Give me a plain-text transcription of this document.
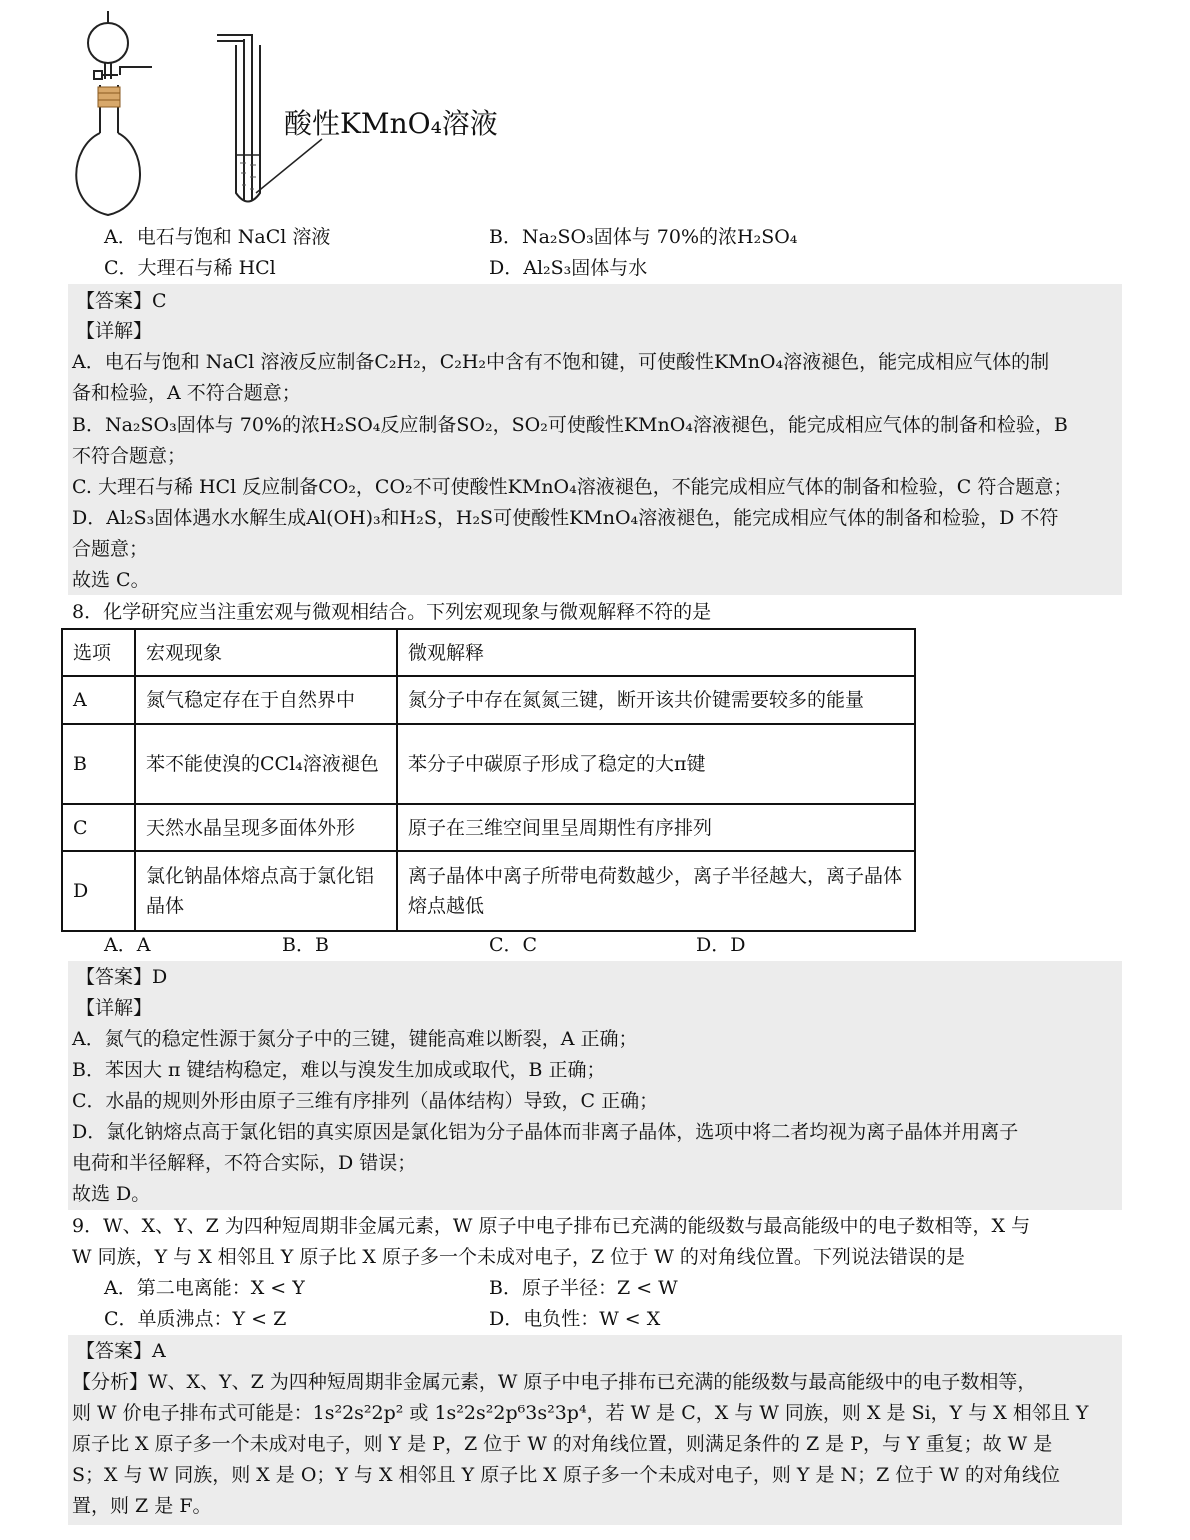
酸性KMnO₄溶液
A．电石与饱和 NaCl 溶液	B．Na₂SO₃固体与 70%的浓H₂SO₄
C．大理石与稀 HCl	D．Al₂S₃固体与水
【答案】C
【详解】
A．电石与饱和 NaCl 溶液反应制备C₂H₂，C₂H₂中含有不饱和键，可使酸性KMnO₄溶液褪色，能完成相应气体的制
备和检验，A 不符合题意；
B．Na₂SO₃固体与 70%的浓H₂SO₄反应制备SO₂，SO₂可使酸性KMnO₄溶液褪色，能完成相应气体的制备和检验，B
不符合题意；
C. 大理石与稀 HCl 反应制备CO₂，CO₂不可使酸性KMnO₄溶液褪色，不能完成相应气体的制备和检验，C 符合题意；
D．Al₂S₃固体遇水水解生成Al(OH)₃和H₂S，H₂S可使酸性KMnO₄溶液褪色，能完成相应气体的制备和检验，D 不符
合题意；
故选 C。
8．化学研究应当注重宏观与微观相结合。下列宏观现象与微观解释不符的是
选项	宏观现象	微观解释
A	氮气稳定存在于自然界中	氮分子中存在氮氮三键，断开该共价键需要较多的能量
B	苯不能使溴的CCl₄溶液褪色	苯分子中碳原子形成了稳定的大π键
C	天然水晶呈现多面体外形	原子在三维空间里呈周期性有序排列
D	氯化钠晶体熔点高于氯化铝晶体	离子晶体中离子所带电荷数越少，离子半径越大，离子晶体熔点越低
A．A	B．B	C．C	D．D
【答案】D
【详解】
A．氮气的稳定性源于氮分子中的三键，键能高难以断裂，A 正确；
B．苯因大 π 键结构稳定，难以与溴发生加成或取代，B 正确；
C．水晶的规则外形由原子三维有序排列（晶体结构）导致，C 正确；
D．氯化钠熔点高于氯化铝的真实原因是氯化铝为分子晶体而非离子晶体，选项中将二者均视为离子晶体并用离子
电荷和半径解释，不符合实际，D 错误；
故选 D。
9．W、X、Y、Z 为四种短周期非金属元素，W 原子中电子排布已充满的能级数与最高能级中的电子数相等，X 与
W 同族，Y 与 X 相邻且 Y 原子比 X 原子多一个未成对电子，Z 位于 W 的对角线位置。下列说法错误的是
A．第二电离能：X < Y	B．原子半径：Z < W
C．单质沸点：Y < Z	D．电负性：W < X
【答案】A
【分析】W、X、Y、Z 为四种短周期非金属元素，W 原子中电子排布已充满的能级数与最高能级中的电子数相等，
则 W 价电子排布式可能是：1s²2s²2p² 或 1s²2s²2p⁶3s²3p⁴，若 W 是 C，X 与 W 同族，则 X 是 Si，Y 与 X 相邻且 Y
原子比 X 原子多一个未成对电子，则 Y 是 P，Z 位于 W 的对角线位置，则满足条件的 Z 是 P，与 Y 重复；故 W 是
S；X 与 W 同族，则 X 是 O；Y 与 X 相邻且 Y 原子比 X 原子多一个未成对电子，则 Y 是 N；Z 位于 W 的对角线位
置，则 Z 是 F。
